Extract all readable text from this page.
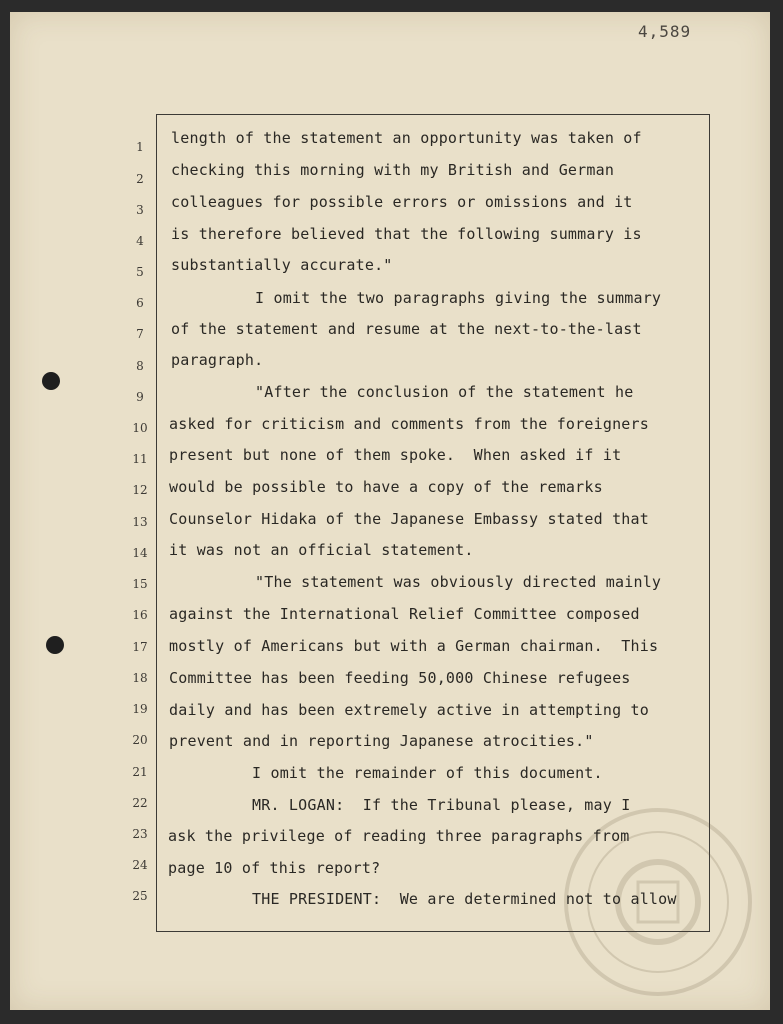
4,589
1
2
3
4
5
6
7
8
9
10
11
12
13
14
15
16
17
18
19
20
21
22
23
24
25
length of the statement an opportunity was taken of
checking this morning with my British and German
colleagues for possible errors or omissions and it
is therefore believed that the following summary is
substantially accurate."
I omit the two paragraphs giving the summary
of the statement and resume at the next-to-the-last
paragraph.
"After the conclusion of the statement he
asked for criticism and comments from the foreigners
present but none of them spoke.  When asked if it
would be possible to have a copy of the remarks
Counselor Hidaka of the Japanese Embassy stated that
it was not an official statement.
"The statement was obviously directed mainly
against the International Relief Committee composed
mostly of Americans but with a German chairman.  This
Committee has been feeding 50,000 Chinese refugees
daily and has been extremely active in attempting to
prevent and in reporting Japanese atrocities."
I omit the remainder of this document.
MR. LOGAN:  If the Tribunal please, may I
ask the privilege of reading three paragraphs from
page 10 of this report?
THE PRESIDENT:  We are determined not to allow
